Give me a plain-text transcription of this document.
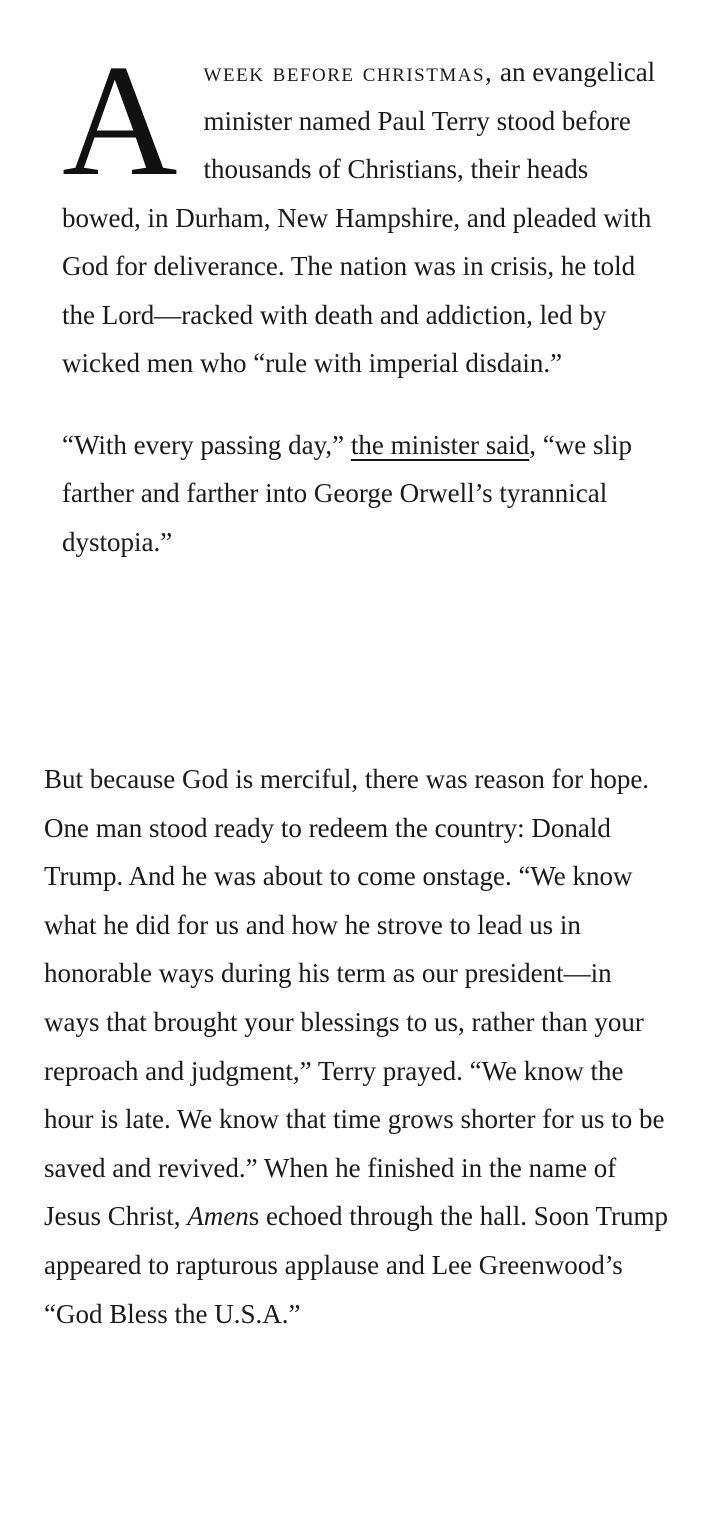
Aweek before christmas, an evangelical minister named Paul Terry stood before thousands of Christians, their heads bowed, in Durham, New Hampshire, and pleaded with God for deliverance. The nation was in crisis, he told the Lord—racked with death and addiction, led by wicked men who “rule with imperial disdain.”

“With every passing day,” the minister said, “we slip farther and farther into George Orwell’s tyrannical dystopia.”

But because God is merciful, there was reason for hope. One man stood ready to redeem the country: Donald Trump. And he was about to come onstage. “We know what he did for us and how he strove to lead us in honorable ways during his term as our president—in ways that brought your blessings to us, rather than your reproach and judgment,” Terry prayed. “We know the hour is late. We know that time grows shorter for us to be saved and revived.” When he finished in the name of Jesus Christ, Amens echoed through the hall. Soon Trump appeared to rapturous applause and Lee Greenwood’s “God Bless the U.S.A.”
